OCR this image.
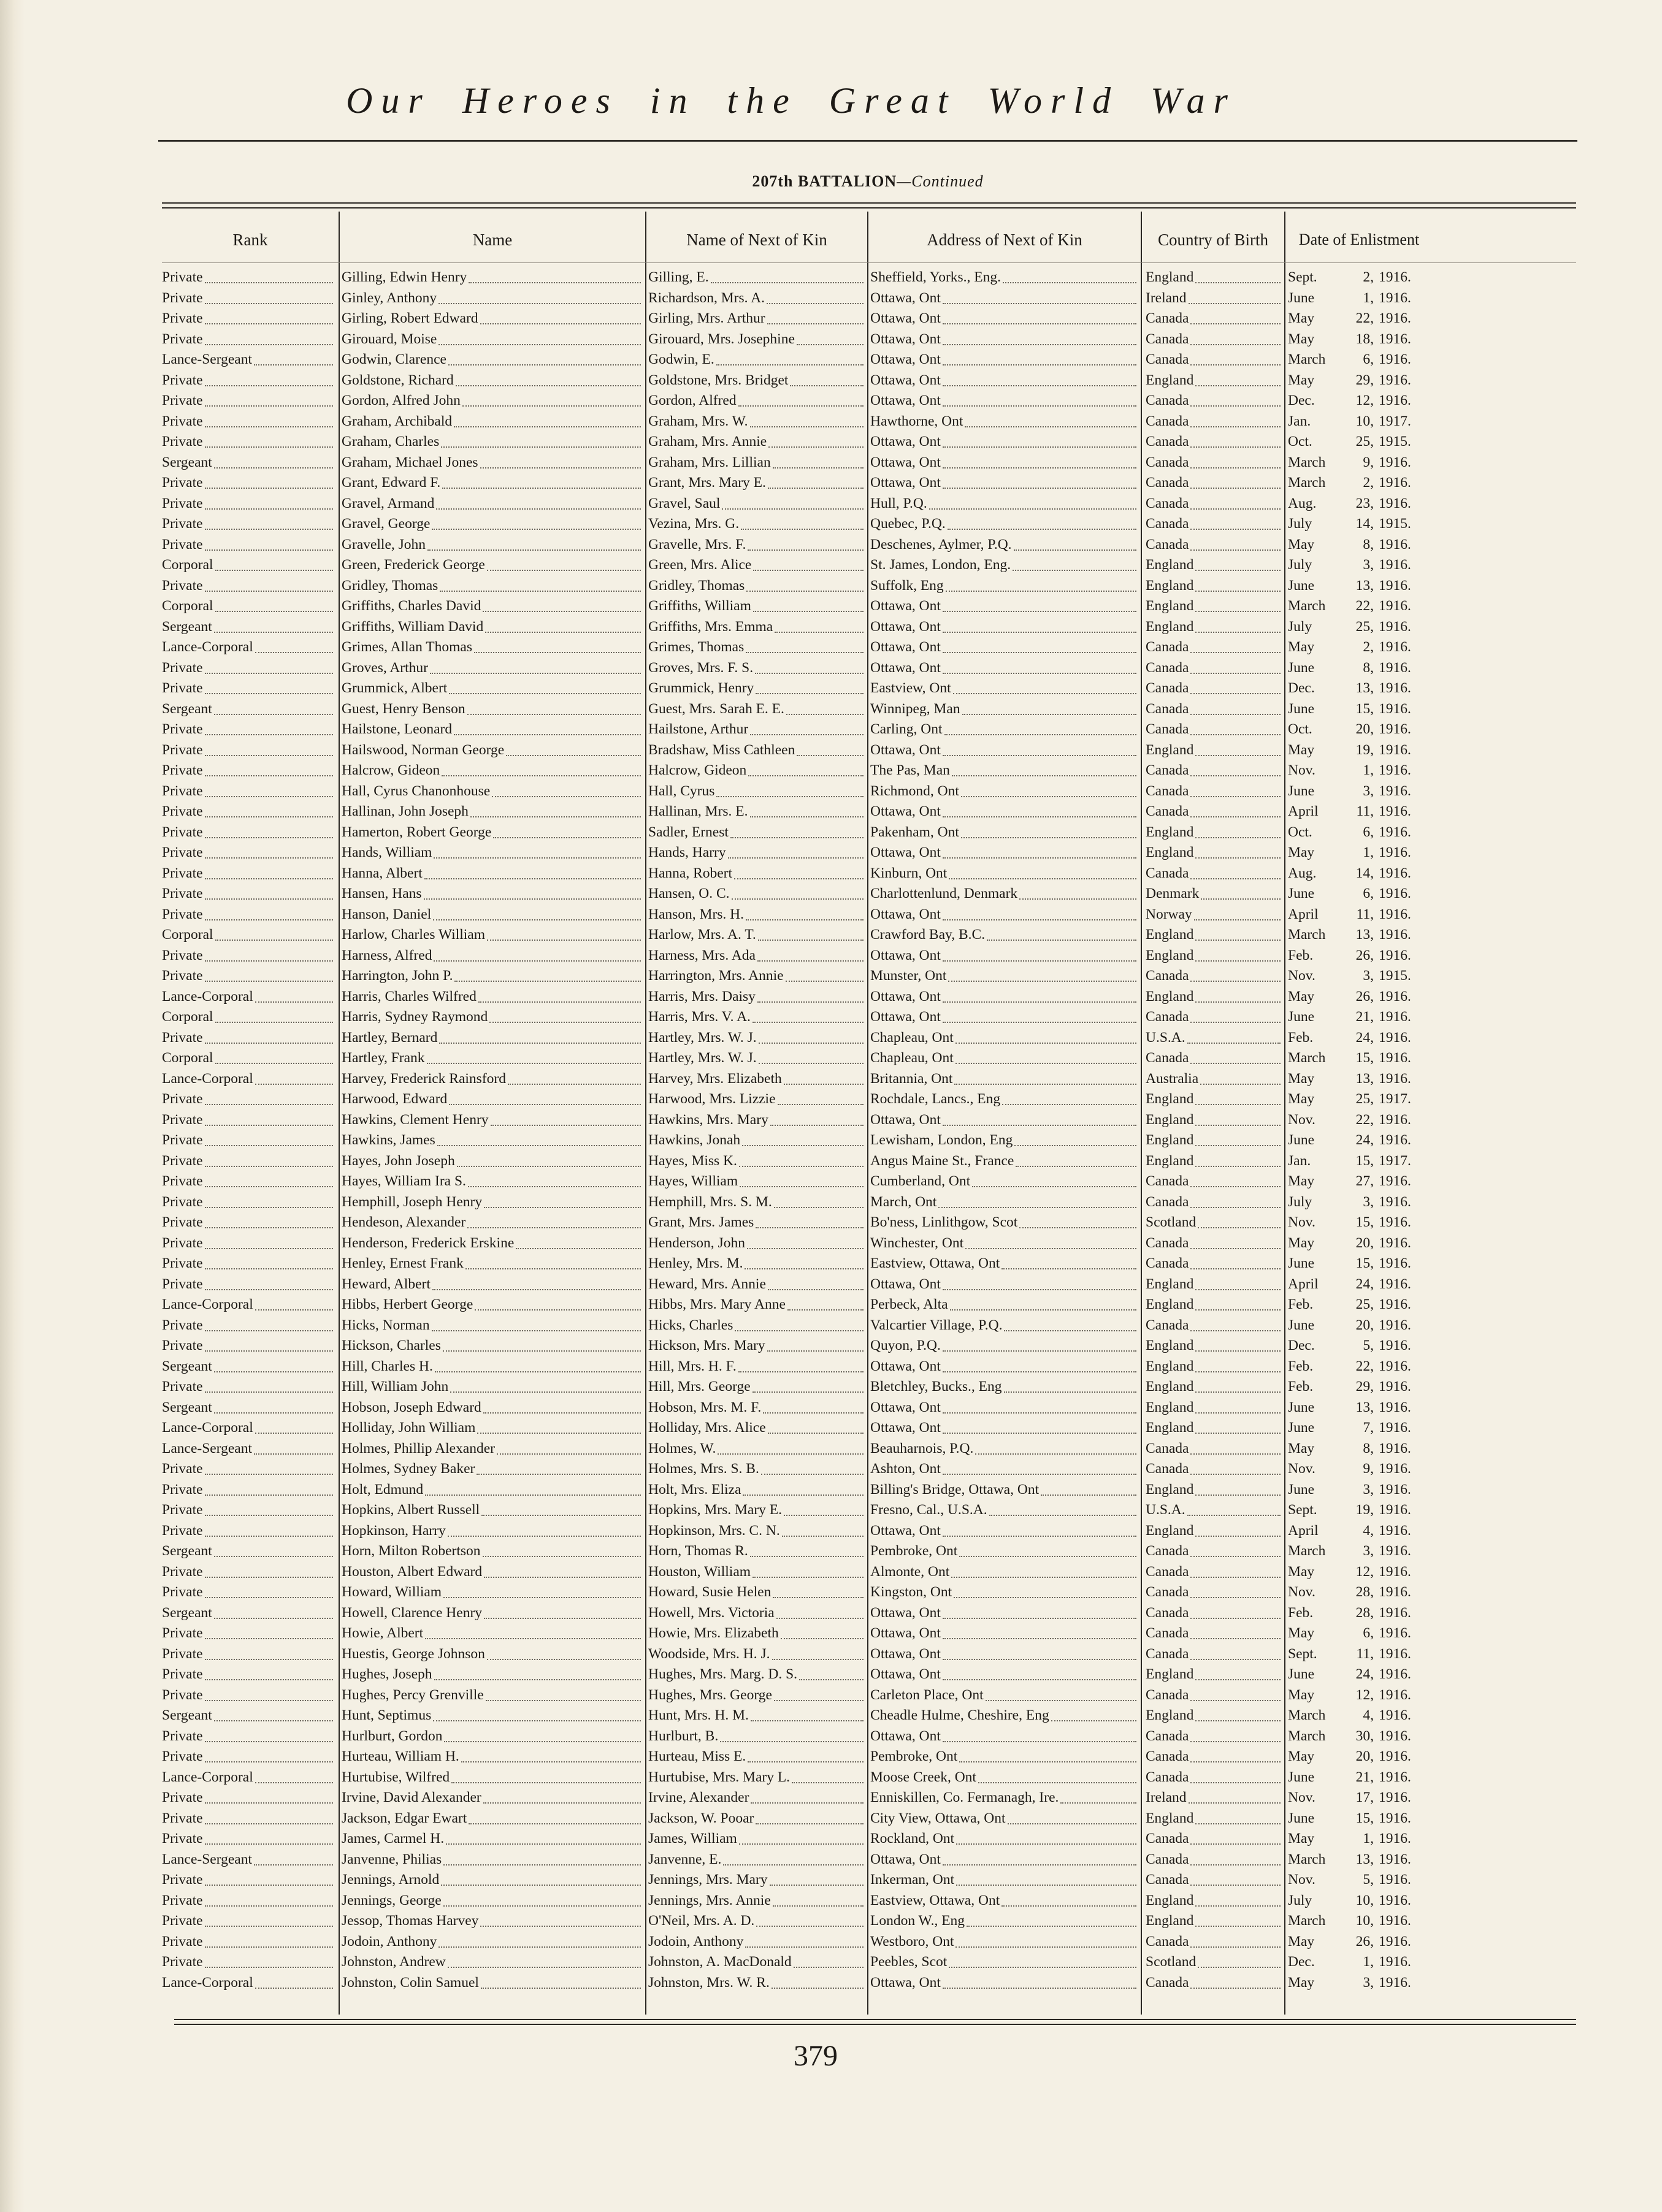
Our Heroes in the Great World War
207th BATTALION—Continued
Rank	Name	Name of Next of Kin	Address of Next of Kin	Country of Birth	Date of Enlistment
Private	Gilling, Edwin Henry	Gilling, E.	Sheffield, Yorks., Eng.	England	Sept.	2, 1916.
Private	Ginley, Anthony	Richardson, Mrs. A.	Ottawa, Ont	Ireland	June	1, 1916.
Private	Girling, Robert Edward	Girling, Mrs. Arthur	Ottawa, Ont	Canada	May	22, 1916.
Private	Girouard, Moise	Girouard, Mrs. Josephine	Ottawa, Ont	Canada	May	18, 1916.
Lance-Sergeant	Godwin, Clarence	Godwin, E.	Ottawa, Ont	Canada	March	6, 1916.
Private	Goldstone, Richard	Goldstone, Mrs. Bridget	Ottawa, Ont	England	May	29, 1916.
Private	Gordon, Alfred John	Gordon, Alfred	Ottawa, Ont	Canada	Dec.	12, 1916.
Private	Graham, Archibald	Graham, Mrs. W.	Hawthorne, Ont	Canada	Jan.	10, 1917.
Private	Graham, Charles	Graham, Mrs. Annie	Ottawa, Ont	Canada	Oct.	25, 1915.
Sergeant	Graham, Michael Jones	Graham, Mrs. Lillian	Ottawa, Ont	Canada	March	9, 1916.
Private	Grant, Edward F.	Grant, Mrs. Mary E.	Ottawa, Ont	Canada	March	2, 1916.
Private	Gravel, Armand	Gravel, Saul	Hull, P.Q.	Canada	Aug.	23, 1916.
Private	Gravel, George	Vezina, Mrs. G.	Quebec, P.Q.	Canada	July	14, 1915.
Private	Gravelle, John	Gravelle, Mrs. F.	Deschenes, Aylmer, P.Q.	Canada	May	8, 1916.
Corporal	Green, Frederick George	Green, Mrs. Alice	St. James, London, Eng.	England	July	3, 1916.
Private	Gridley, Thomas	Gridley, Thomas	Suffolk, Eng	England	June	13, 1916.
Corporal	Griffiths, Charles David	Griffiths, William	Ottawa, Ont	England	March	22, 1916.
Sergeant	Griffiths, William David	Griffiths, Mrs. Emma	Ottawa, Ont	England	July	25, 1916.
Lance-Corporal	Grimes, Allan Thomas	Grimes, Thomas	Ottawa, Ont	Canada	May	2, 1916.
Private	Groves, Arthur	Groves, Mrs. F. S.	Ottawa, Ont	Canada	June	8, 1916.
Private	Grummick, Albert	Grummick, Henry	Eastview, Ont	Canada	Dec.	13, 1916.
Sergeant	Guest, Henry Benson	Guest, Mrs. Sarah E. E.	Winnipeg, Man	Canada	June	15, 1916.
Private	Hailstone, Leonard	Hailstone, Arthur	Carling, Ont	Canada	Oct.	20, 1916.
Private	Hailswood, Norman George	Bradshaw, Miss Cathleen	Ottawa, Ont	England	May	19, 1916.
Private	Halcrow, Gideon	Halcrow, Gideon	The Pas, Man	Canada	Nov.	1, 1916.
Private	Hall, Cyrus Chanonhouse	Hall, Cyrus	Richmond, Ont	Canada	June	3, 1916.
Private	Hallinan, John Joseph	Hallinan, Mrs. E.	Ottawa, Ont	Canada	April	11, 1916.
Private	Hamerton, Robert George	Sadler, Ernest	Pakenham, Ont	England	Oct.	6, 1916.
Private	Hands, William	Hands, Harry	Ottawa, Ont	England	May	1, 1916.
Private	Hanna, Albert	Hanna, Robert	Kinburn, Ont	Canada	Aug.	14, 1916.
Private	Hansen, Hans	Hansen, O. C.	Charlottenlund, Denmark	Denmark	June	6, 1916.
Private	Hanson, Daniel	Hanson, Mrs. H.	Ottawa, Ont	Norway	April	11, 1916.
Corporal	Harlow, Charles William	Harlow, Mrs. A. T.	Crawford Bay, B.C.	England	March	13, 1916.
Private	Harness, Alfred	Harness, Mrs. Ada	Ottawa, Ont	England	Feb.	26, 1916.
Private	Harrington, John P.	Harrington, Mrs. Annie	Munster, Ont	Canada	Nov.	3, 1915.
Lance-Corporal	Harris, Charles Wilfred	Harris, Mrs. Daisy	Ottawa, Ont	England	May	26, 1916.
Corporal	Harris, Sydney Raymond	Harris, Mrs. V. A.	Ottawa, Ont	Canada	June	21, 1916.
Private	Hartley, Bernard	Hartley, Mrs. W. J.	Chapleau, Ont	U.S.A.	Feb.	24, 1916.
Corporal	Hartley, Frank	Hartley, Mrs. W. J.	Chapleau, Ont	Canada	March	15, 1916.
Lance-Corporal	Harvey, Frederick Rainsford	Harvey, Mrs. Elizabeth	Britannia, Ont	Australia	May	13, 1916.
Private	Harwood, Edward	Harwood, Mrs. Lizzie	Rochdale, Lancs., Eng	England	May	25, 1917.
Private	Hawkins, Clement Henry	Hawkins, Mrs. Mary	Ottawa, Ont	England	Nov.	22, 1916.
Private	Hawkins, James	Hawkins, Jonah	Lewisham, London, Eng	England	June	24, 1916.
Private	Hayes, John Joseph	Hayes, Miss K.	Angus Maine St., France	England	Jan.	15, 1917.
Private	Hayes, William Ira S.	Hayes, William	Cumberland, Ont	Canada	May	27, 1916.
Private	Hemphill, Joseph Henry	Hemphill, Mrs. S. M.	March, Ont	Canada	July	3, 1916.
Private	Hendeson, Alexander	Grant, Mrs. James	Bo'ness, Linlithgow, Scot	Scotland	Nov.	15, 1916.
Private	Henderson, Frederick Erskine	Henderson, John	Winchester, Ont	Canada	May	20, 1916.
Private	Henley, Ernest Frank	Henley, Mrs. M.	Eastview, Ottawa, Ont	Canada	June	15, 1916.
Private	Heward, Albert	Heward, Mrs. Annie	Ottawa, Ont	England	April	24, 1916.
Lance-Corporal	Hibbs, Herbert George	Hibbs, Mrs. Mary Anne	Perbeck, Alta	England	Feb.	25, 1916.
Private	Hicks, Norman	Hicks, Charles	Valcartier Village, P.Q.	Canada	June	20, 1916.
Private	Hickson, Charles	Hickson, Mrs. Mary	Quyon, P.Q.	England	Dec.	5, 1916.
Sergeant	Hill, Charles H.	Hill, Mrs. H. F.	Ottawa, Ont	England	Feb.	22, 1916.
Private	Hill, William John	Hill, Mrs. George	Bletchley, Bucks., Eng	England	Feb.	29, 1916.
Sergeant	Hobson, Joseph Edward	Hobson, Mrs. M. F.	Ottawa, Ont	England	June	13, 1916.
Lance-Corporal	Holliday, John William	Holliday, Mrs. Alice	Ottawa, Ont	England	June	7, 1916.
Lance-Sergeant	Holmes, Phillip Alexander	Holmes, W.	Beauharnois, P.Q.	Canada	May	8, 1916.
Private	Holmes, Sydney Baker	Holmes, Mrs. S. B.	Ashton, Ont	Canada	Nov.	9, 1916.
Private	Holt, Edmund	Holt, Mrs. Eliza	Billing's Bridge, Ottawa, Ont	England	June	3, 1916.
Private	Hopkins, Albert Russell	Hopkins, Mrs. Mary E.	Fresno, Cal., U.S.A.	U.S.A.	Sept.	19, 1916.
Private	Hopkinson, Harry	Hopkinson, Mrs. C. N.	Ottawa, Ont	England	April	4, 1916.
Sergeant	Horn, Milton Robertson	Horn, Thomas R.	Pembroke, Ont	Canada	March	3, 1916.
Private	Houston, Albert Edward	Houston, William	Almonte, Ont	Canada	May	12, 1916.
Private	Howard, William	Howard, Susie Helen	Kingston, Ont	Canada	Nov.	28, 1916.
Sergeant	Howell, Clarence Henry	Howell, Mrs. Victoria	Ottawa, Ont	Canada	Feb.	28, 1916.
Private	Howie, Albert	Howie, Mrs. Elizabeth	Ottawa, Ont	Canada	May	6, 1916.
Private	Huestis, George Johnson	Woodside, Mrs. H. J.	Ottawa, Ont	Canada	Sept.	11, 1916.
Private	Hughes, Joseph	Hughes, Mrs. Marg. D. S.	Ottawa, Ont	England	June	24, 1916.
Private	Hughes, Percy Grenville	Hughes, Mrs. George	Carleton Place, Ont	Canada	May	12, 1916.
Sergeant	Hunt, Septimus	Hunt, Mrs. H. M.	Cheadle Hulme, Cheshire, Eng	England	March	4, 1916.
Private	Hurlburt, Gordon	Hurlburt, B.	Ottawa, Ont	Canada	March	30, 1916.
Private	Hurteau, William H.	Hurteau, Miss E.	Pembroke, Ont	Canada	May	20, 1916.
Lance-Corporal	Hurtubise, Wilfred	Hurtubise, Mrs. Mary L.	Moose Creek, Ont	Canada	June	21, 1916.
Private	Irvine, David Alexander	Irvine, Alexander	Enniskillen, Co. Fermanagh, Ire.	Ireland	Nov.	17, 1916.
Private	Jackson, Edgar Ewart	Jackson, W. Pooar	City View, Ottawa, Ont	England	June	15, 1916.
Private	James, Carmel H.	James, William	Rockland, Ont	Canada	May	1, 1916.
Lance-Sergeant	Janvenne, Philias	Janvenne, E.	Ottawa, Ont	Canada	March	13, 1916.
Private	Jennings, Arnold	Jennings, Mrs. Mary	Inkerman, Ont	Canada	Nov.	5, 1916.
Private	Jennings, George	Jennings, Mrs. Annie	Eastview, Ottawa, Ont	England	July	10, 1916.
Private	Jessop, Thomas Harvey	O'Neil, Mrs. A. D.	London W., Eng	England	March	10, 1916.
Private	Jodoin, Anthony	Jodoin, Anthony	Westboro, Ont	Canada	May	26, 1916.
Private	Johnston, Andrew	Johnston, A. MacDonald	Peebles, Scot	Scotland	Dec.	1, 1916.
Lance-Corporal	Johnston, Colin Samuel	Johnston, Mrs. W. R.	Ottawa, Ont	Canada	May	3, 1916.
379
